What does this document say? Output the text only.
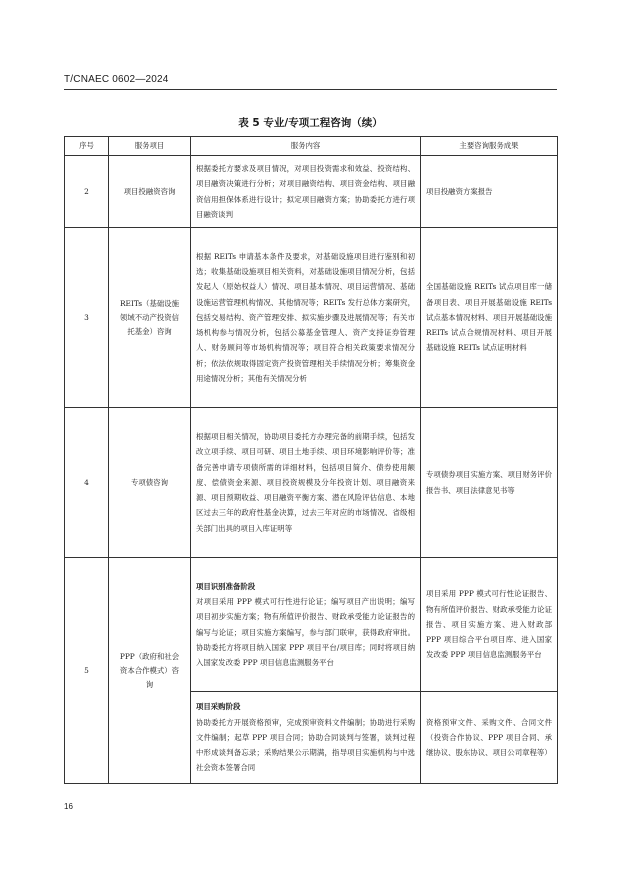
T/CNAEC 0602—2024
表 5 专业/专项工程咨询（续）
序号	服务项目	服务内容	主要咨询服务成果
2	项目投融资咨询	根据委托方要求及项目情况，对项目投资需求和效益、投资结构、项目融资决策进行分析；对项目融资结构、项目资金结构、项目融资信用担保体系进行设计；拟定项目融资方案；协助委托方进行项目融资谈判	项目投融资方案报告
3	REITs（基础设施领域不动产投资信托基金）咨询	根据 REITs 申请基本条件及要求，对基础设施项目进行鉴别和初选；收集基础设施项目相关资料，对基础设施项目情况分析，包括发起人（原始权益人）情况、项目基本情况、项目运营情况、基础设施运营管理机构情况、其他情况等；REITs 发行总体方案研究，包括交易结构、资产管理安排、拟实施步骤及进展情况等；有关市场机构参与情况分析，包括公募基金管理人、资产支持证券管理人、财务顾问等市场机构情况等；项目符合相关政策要求情况分析；依法依规取得固定资产投资管理相关手续情况分析；筹集资金用途情况分析；其他有关情况分析	全国基础设施 REITs 试点项目库一储备项目表、项目开展基础设施 REITs 试点基本情况材料、项目开展基础设施 REITs 试点合规情况材料、项目开展基础设施 REITs 试点证明材料
4	专项债咨询	根据项目相关情况，协助项目委托方办理完备的前期手续，包括发改立项手续、项目可研、项目土地手续、项目环境影响评价等；准备完善申请专项债所需的详细材料，包括项目简介、债券使用额度、偿债资金来源、项目投资规模及分年投资计划、项目融资来源、项目预期收益、项目融资平衡方案、潜在风险评估信息、本地区过去三年的政府性基金决算，过去三年对应的市场情况、省级相关部门出具的项目入库证明等	专项债券项目实施方案、项目财务评价报告书、项目法律意见书等
5	PPP（政府和社会资本合作模式）咨询	项目识别准备阶段
对项目采用 PPP 模式可行性进行论证；编写项目产出说明；编写项目初步实施方案；物有所值评价报告、财政承受能力论证报告的编写与论证；项目实施方案编写，参与部门联审，获得政府审批。协助委托方将项目纳入国家 PPP 项目平台/项目库；同时将项目纳入国家发改委 PPP 项目信息监测服务平台	项目采用 PPP 模式可行性论证报告、物有所值评价报告、财政承受能力论证报告、项目实施方案、进入财政部 PPP 项目综合平台项目库、进入国家发改委 PPP 项目信息监测服务平台

		项目采购阶段
协助委托方开展资格预审，完成预审资料文件编制；协助进行采购文件编制；起草 PPP 项目合同；协助合同谈判与签署，谈判过程中形成谈判备忘录；采购结果公示期满，指导项目实施机构与中选社会资本签署合同	资格预审文件、采购文件、合同文件（投资合作协议、PPP 项目合同、承继协议、股东协议、项目公司章程等）
16
